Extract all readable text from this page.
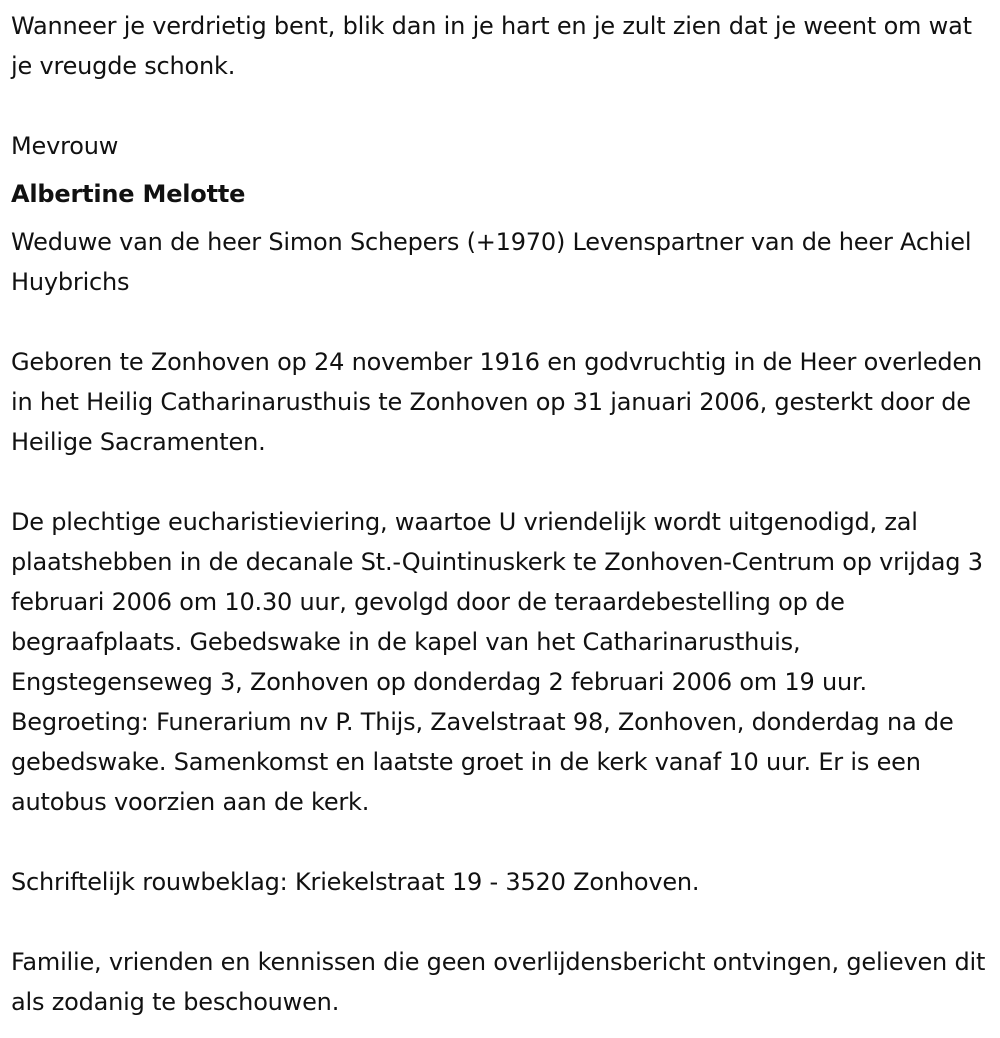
Wanneer je verdrietig bent, blik dan in je hart en je zult zien dat je weent om wat je vreugde schonk.

Mevrouw

Albertine Melotte

Weduwe van de heer Simon Schepers (+1970) Levenspartner van de heer Achiel Huybrichs

Geboren te Zonhoven op 24 november 1916 en godvruchtig in de Heer overleden in het Heilig Catharinarusthuis te Zonhoven op 31 januari 2006, gesterkt door de Heilige Sacramenten.

De plechtige eucharistieviering, waartoe U vriendelijk wordt uitgenodigd, zal plaatshebben in de decanale St.-Quintinuskerk te Zonhoven-Centrum op vrijdag 3 februari 2006 om 10.30 uur, gevolgd door de teraardebestelling op de begraafplaats. Gebedswake in de kapel van het Catharinarusthuis, Engstegenseweg 3, Zonhoven op donderdag 2 februari 2006 om 19 uur. Begroeting: Funerarium nv P. Thijs, Zavelstraat 98, Zonhoven, donderdag na de gebedswake. Samenkomst en laatste groet in de kerk vanaf 10 uur. Er is een autobus voorzien aan de kerk.

Schriftelijk rouwbeklag: Kriekelstraat 19 - 3520 Zonhoven.

Familie, vrienden en kennissen die geen overlijdensbericht ontvingen, gelieven dit als zodanig te beschouwen.
